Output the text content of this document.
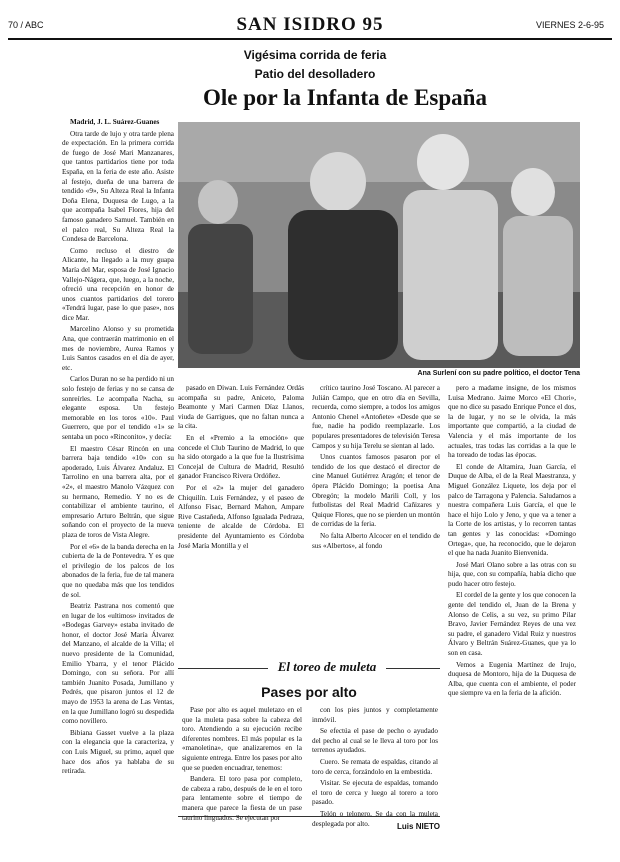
70 / ABC	SAN ISIDRO 95	VIERNES 2-6-95
Vigésima corrida de feria
Patio del desolladero
Ole por la Infanta de España

Madrid, J. L. Suárez-Guanes

Otra tarde de lujo y otra tarde plena de expectación. En la primera corrida de fuego de José Mari Manzanares, que tantos partidarios tiene por toda España, en la feria de este año. Asiste al festejo, dueña de una barrera de tendido «9», Su Alteza Real la Infanta Doña Elena, Duquesa de Lugo, a la que acompaña Isabel Flores, hija del famoso ganadero Samuel. También en el palco real, Su Alteza Real la Condesa de Barcelona.

Como recluso el diestro de Alicante, ha llegado a la muy guapa María del Mar, esposa de José Ignacio Vallejo-Nágera, que, luego, a la noche, ofreció una recepción en honor de unos cuantos partidarios del torero «Tendrá lugar, pase lo que pase», nos dice Mar.

Marcelino Alonso y su prometida Ana, que contraerán matrimonio en el mes de noviembre, Aurea Ramos y Luis Santos casados en el día de ayer, etc.

Carlos Duran no se ha perdido ni un solo festejo de ferias y no se cansa de sonreírles. Le acompaña Nacha, su elegante esposa. Un festejo memorable en los toros «10». Paul Guerrero, que por el tendido «1» se sentaba un poco «Rinconito», y decía:

El maestro César Rincón en una barrera baja tendido «10» con su apoderado, Luis Álvarez Andaluz. El Tarrolino en una barrera alta, por el «2», el maestro Manolo Vázquez con su hermano, Remedio. Y no es de contabilizar el ambiente taurino, el empresario Arturo Beltrán, que sigue soñando con el proyecto de la nueva plaza de toros de Vista Alegre.

Por el «6» de la banda derecha en la cubierta de la de Pontevedra. Y es que el privilegio de los palcos de los abonados de la feria, fue de tal manera que no quedaba más que los tendidos de sol.

Beatriz Pastrana nos comentó que en lugar de los «ultimos» invitados de «Bodegas Garvey» estaba invitado de honor, el doctor José María Álvarez del Manzano, el alcalde de la Villa; el nuevo presidente de la Comunidad, Emilio Ybarra, y el tenor Plácido Domingo, con su señora. Por allí también Juanito Posada, Jumillano y Pedrés, que pisaron juntos el 12 de mayo de 1953 la arena de Las Ventas, en la que Jumillano logró su despedida como novillero.

Bibiana Gasset vuelve a la plaza con la elegancia que la caracteriza, y con Luis Miguel, su primo, aquel que hace dos años ya hablaba de su retirada.

Ana Surlení con su padre político, el doctor Tena

pasado en Diwan. Luis Fernández Ordás acompaña su padre, Aniceto, Paloma Beamonte y Mari Carmen Díaz Llanos, viuda de Garrigues, que no faltan nunca a la cita.

En el «Premio a la emoción» que concede el Club Taurino de Madrid, lo que ha sido otorgado a la que fue la Ilustrísima Concejal de Cultura de Madrid, Resultó ganador Francisco Rivera Ordóñez.

Por el «2» la mujer del ganadero Chiquilín. Luis Fernández, y el paseo de Alfonso Fisac, Bernard Mahon, Ampare Rive Castañeda, Alfonso Igualada Pedraza, teniente de alcalde de Córdoba. El presidente del Ayuntamiento es Córdoba José María Montilla y el

crítico taurino José Toscano. Al parecer a Julián Campo, que en otro día en Sevilla, recuerda, como siempre, a todos los amigos Antonio Chenel «Antoñete» «Desde que se fue, nadie ha podido reemplazarle. Los populares presentadores de televisión Teresa Campos y su hija Terelu se sientan al lado.

Unos cuantos famosos pasaron por el tendido de los que destacó el director de cine Manuel Gutiérrez Aragón; el tenor de ópera Plácido Domingo; la poetisa Ana Obregón; la modelo Marili Coll, y los futbolistas del Real Madrid Cañizares y Quique Flores, que no se pierden un montón de corridas de la feria.

No falta Alberto Alcocer en el tendido de sus «Albertos», al fondo

pero a madame insigne, de los mismos Luisa Medrano. Jaime Morco «El Chori», que no dice su pasado Enrique Ponce el dos, la de lugar, y no se le olvida, la más importante que compartió, a la ciudad de Valencia y el más importante de los actuales, tras todas las corridas a la que le ha toreado de todas las épocas.

El conde de Altamira, Juan García, el Duque de Alba, el de la Real Maestranza, y Miguel González Liquete, los deja por el palco de Tarragona y Palencia. Saludamos a nuestra compañera Luis García, el que le hace el hijo Lolo y Jeno, y que va a tener a la Corte de los artistas, y lo recorren tantas tan gentes y las conocidas: «Domingo Ortega», que, ha reconocido, que le dejaron el que ha nada Juanito Bienvenida.

José Mari Olano sobre a las otras con su hija, que, con su compañía, había dicho que pudo hacer otro festejo.

El cordel de la gente y los que conocen la gente del tendido el, Juan de la Brena y Alonso de Celis, a su vez, su primo Pilar Bravo, Javier Fernández Reyes de una vez su padre, el ganadero Vidal Ruiz y nuestros Álvaro y Beltrán Suárez-Guanes, que ya lo son en casa.

Vemos a Eugenia Martínez de Irujo, duquesa de Montoro, hija de la Duquesa de Alba, que cuenta con el ambiente, el poder que siempre va en la feria de la afición.

El toreo de muleta
Pases por alto

Pase por alto es aquel muletazo en el que la muleta pasa sobre la cabeza del toro. Atendiendo a su ejecución recibe diferentes nombres. El más popular es la «manoletina», que analizaremos en la siguiente entrega. Entre los pases por alto que se pueden encuadrar, tenemos:

Bandera. El toro pasa por completo, de cabeza a rabo, después de le en el toro para lentamente sobre el tiempo de manera que parece la fiesta de un pase taurino linguados. Se ejecutan por

con los pies juntos y completamente inmóvil.

Se efectúa el pase de pecho o ayudado del pecho al cual se le lleva al toro por los terrenos ayudados.

Cuero. Se remata de espaldas, citando al toro de cerca, forzándolo en la embestida.

Visitar. Se ejecuta de espaldas, tomando el toro de cerca y luego al torero a toro pasado.

Telón o telonero. Se da con la muleta desplegada por alto.	Luis NIETO
